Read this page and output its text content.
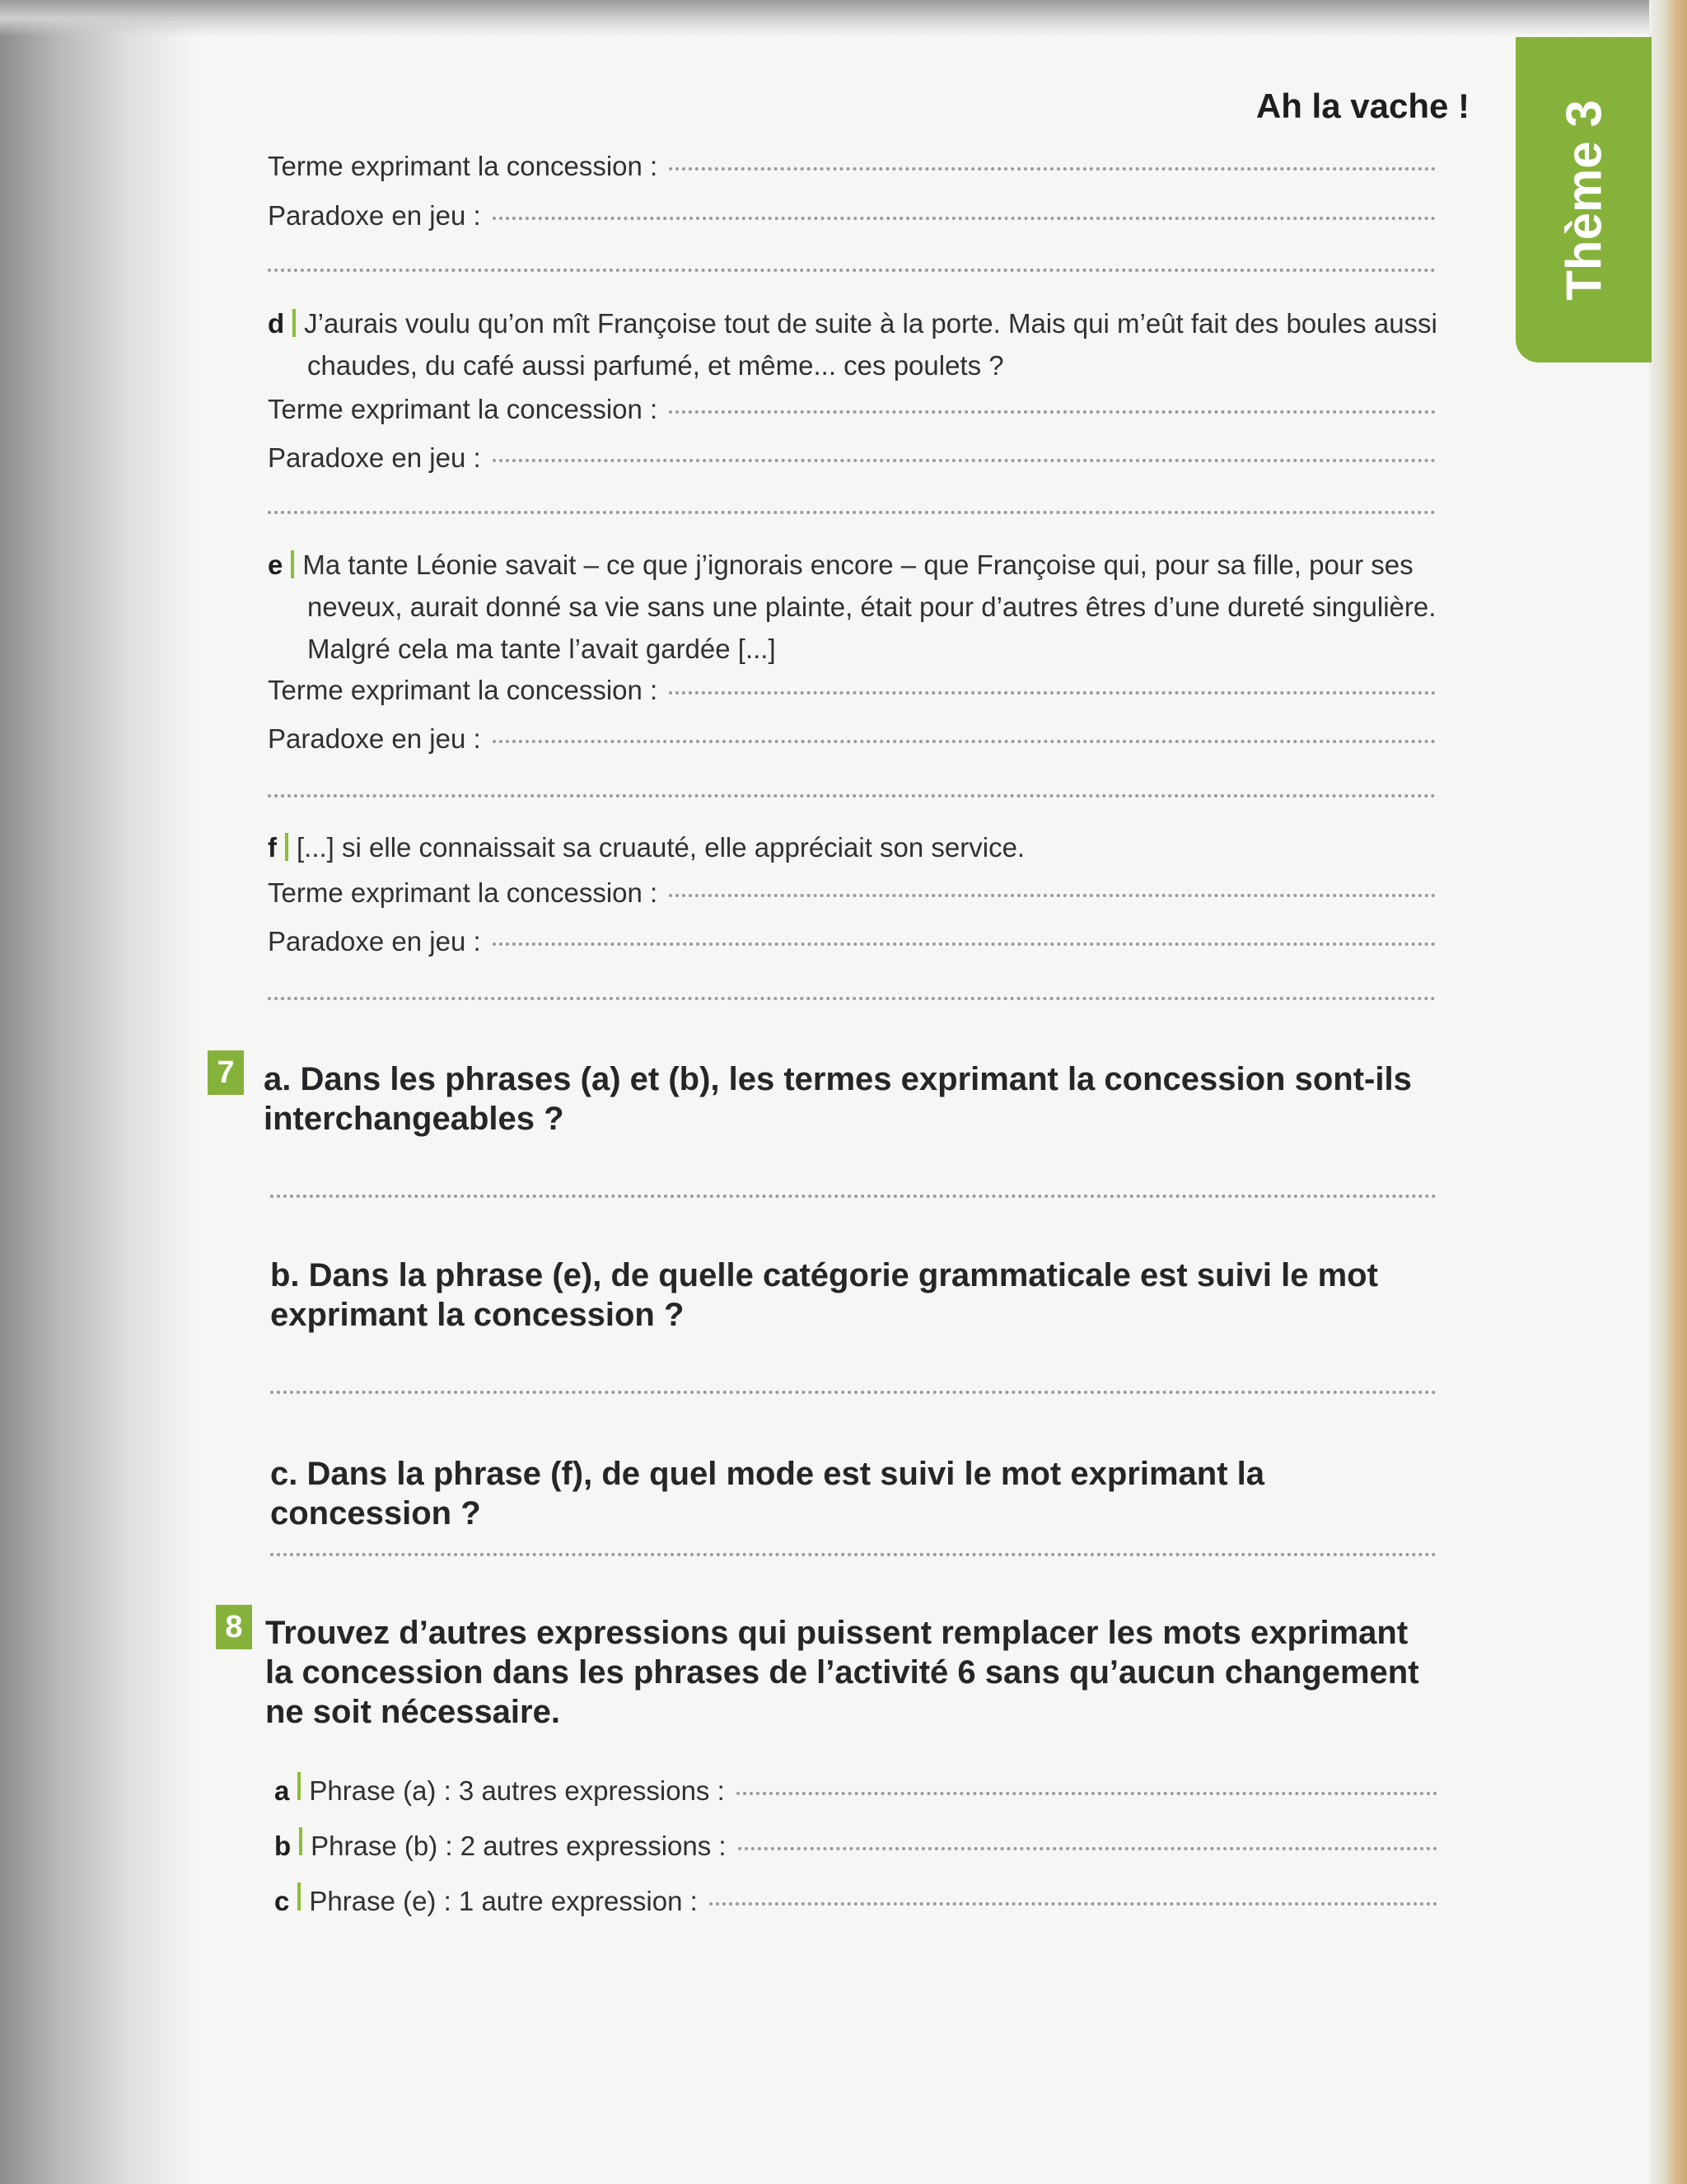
Thème 3
Ah la vache !
Terme exprimant la concession :
Paradoxe en jeu :
d J’aurais voulu qu’on mît Françoise tout de suite à la porte. Mais qui m’eût fait des boules aussi
chaudes, du café aussi parfumé, et même... ces poulets ?
Terme exprimant la concession :
Paradoxe en jeu :
e Ma tante Léonie savait – ce que j’ignorais encore – que Françoise qui, pour sa fille, pour ses
neveux, aurait donné sa vie sans une plainte, était pour d’autres êtres d’une dureté singulière.
Malgré cela ma tante l’avait gardée [...]
Terme exprimant la concession :
Paradoxe en jeu :
f [...] si elle connaissait sa cruauté, elle appréciait son service.
Terme exprimant la concession :
Paradoxe en jeu :
7 a. Dans les phrases (a) et (b), les termes exprimant la concession sont-ils interchangeables ?
b. Dans la phrase (e), de quelle catégorie grammaticale est suivi le mot exprimant la concession ?
c. Dans la phrase (f), de quel mode est suivi le mot exprimant la concession ?
8 Trouvez d’autres expressions qui puissent remplacer les mots exprimant la concession dans les phrases de l’activité 6 sans qu’aucun changement ne soit nécessaire.
a Phrase (a) : 3 autres expressions :
b Phrase (b) : 2 autres expressions :
c Phrase (e) : 1 autre expression :
